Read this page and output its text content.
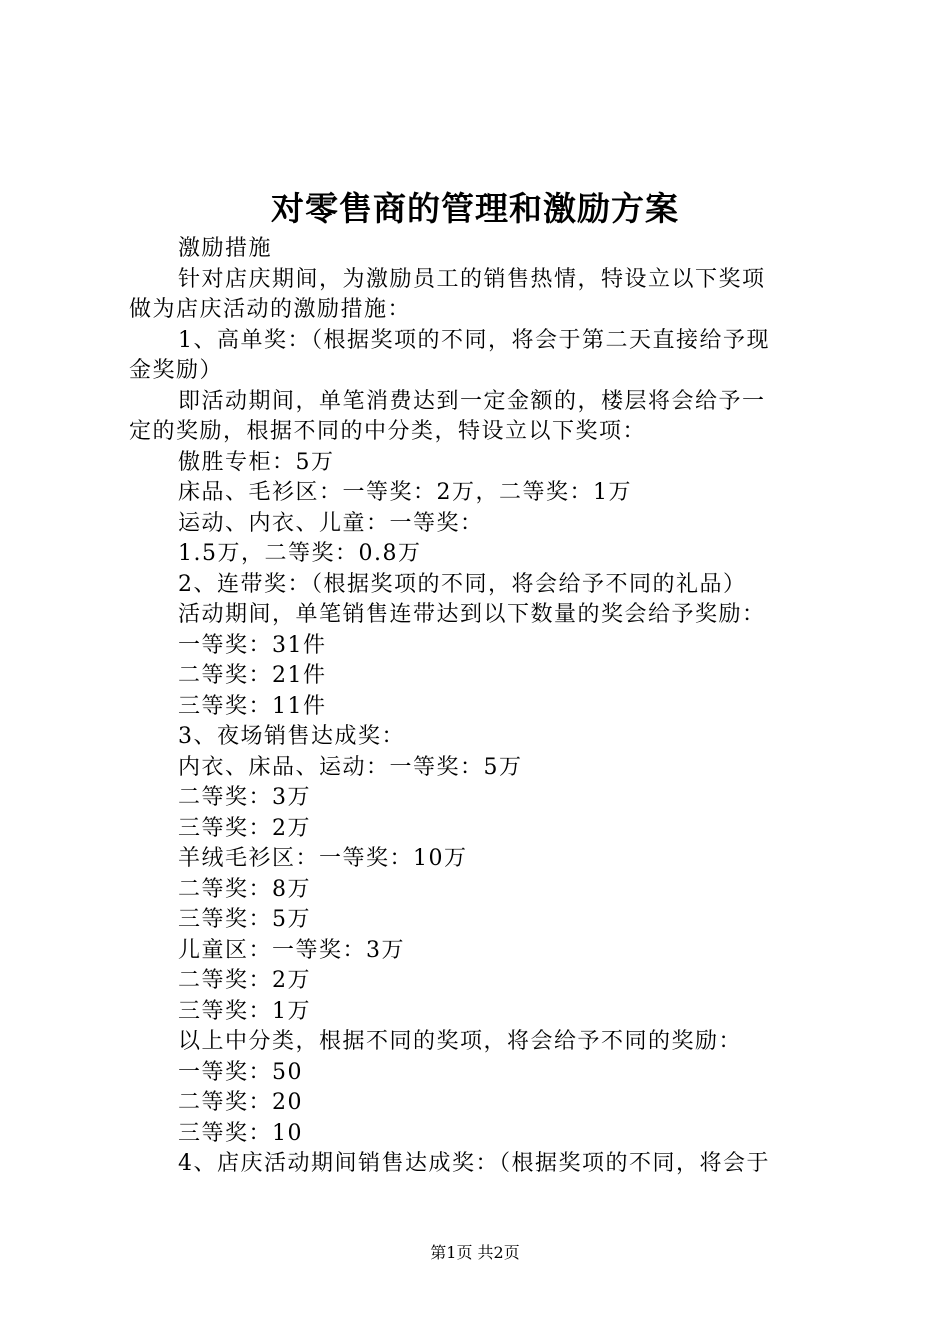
对零售商的管理和激励方案
激励措施
针对店庆期间，为激励员工的销售热情，特设立以下奖项
做为店庆活动的激励措施：
1、高单奖：（根据奖项的不同，将会于第二天直接给予现
金奖励）
即活动期间，单笔消费达到一定金额的，楼层将会给予一
定的奖励，根据不同的中分类，特设立以下奖项：
傲胜专柜：5万
床品、毛衫区：一等奖：2万，二等奖：1万
运动、内衣、儿童：一等奖：
1.5万，二等奖：0.8万
2、连带奖：（根据奖项的不同，将会给予不同的礼品）
活动期间，单笔销售连带达到以下数量的奖会给予奖励：
一等奖：31件
二等奖：21件
三等奖：11件
3、夜场销售达成奖：
内衣、床品、运动：一等奖：5万
二等奖：3万
三等奖：2万
羊绒毛衫区：一等奖：10万
二等奖：8万
三等奖：5万
儿童区：一等奖：3万
二等奖：2万
三等奖：1万
以上中分类，根据不同的奖项，将会给予不同的奖励：
一等奖：50
二等奖：20
三等奖：10
4、店庆活动期间销售达成奖：（根据奖项的不同，将会于
第1页 共2页
